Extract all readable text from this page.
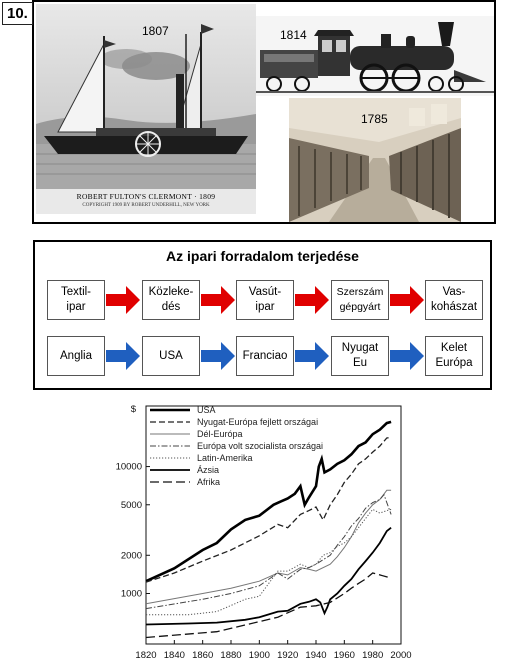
1807
ROBERT FULTON'S CLERMONT · 1809
COPYRIGHT 1909 BY ROBERT UNDERHILL, NEW YORK
1814
1785
10.
Az ipari forradalom terjedése
Textil-
ipar
Közleke-
dés
Vasút-
ipar
Szerszám
gépgyárt
Vas-
kohászat
Anglia	USA	Franciao
Nyugat
Eu
Kelet
Európa
$
1000
2000
5000
10000
1820 1840 1860 1880 1900 1920 1940 1960 1980 2000
USA
Nyugat-Európa fejlett országai
Dél-Európa
Európa volt szocialista országai
Latin-Amerika
Ázsia
Afrika
